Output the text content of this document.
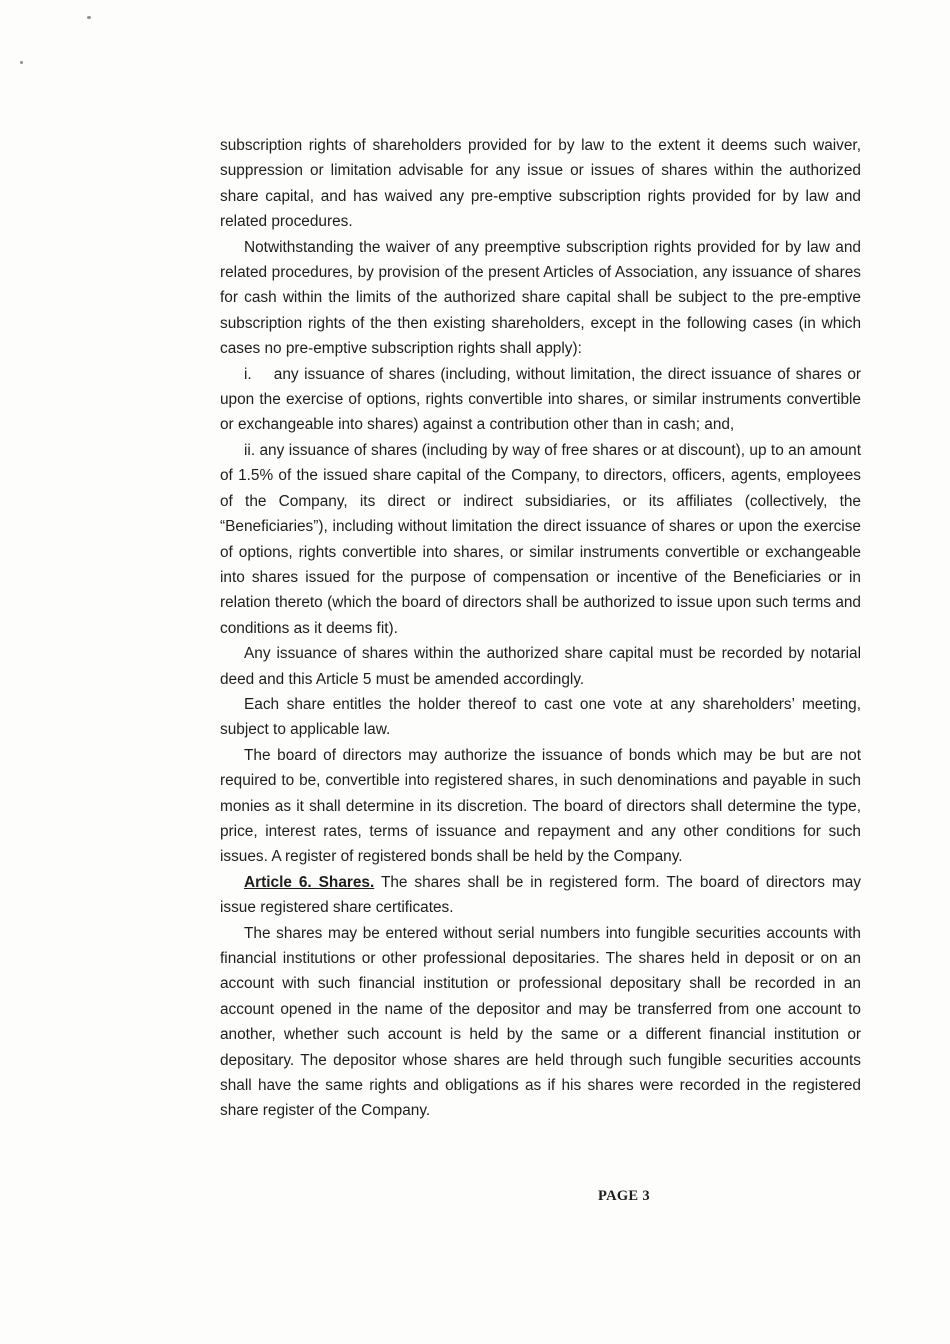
subscription rights of shareholders provided for by law to the extent it deems such waiver, suppression or limitation advisable for any issue or issues of shares within the authorized share capital, and has waived any pre-emptive subscription rights provided for by law and related procedures.

Notwithstanding the waiver of any preemptive subscription rights provided for by law and related procedures, by provision of the present Articles of Association, any issuance of shares for cash within the limits of the authorized share capital shall be subject to the pre-emptive subscription rights of the then existing shareholders, except in the following cases (in which cases no pre-emptive subscription rights shall apply):

i.    any issuance of shares (including, without limitation, the direct issuance of shares or upon the exercise of options, rights convertible into shares, or similar instruments convertible or exchangeable into shares) against a contribution other than in cash; and,

ii. any issuance of shares (including by way of free shares or at discount), up to an amount of 1.5% of the issued share capital of the Company, to directors, officers, agents, employees of the Company, its direct or indirect subsidiaries, or its affiliates (collectively, the “Beneficiaries”), including without limitation the direct issuance of shares or upon the exercise of options, rights convertible into shares, or similar instruments convertible or exchangeable into shares issued for the purpose of compensation or incentive of the Beneficiaries or in relation thereto (which the board of directors shall be authorized to issue upon such terms and conditions as it deems fit).

Any issuance of shares within the authorized share capital must be recorded by notarial deed and this Article 5 must be amended accordingly.

Each share entitles the holder thereof to cast one vote at any shareholders’ meeting, subject to applicable law.

The board of directors may authorize the issuance of bonds which may be but are not required to be, convertible into registered shares, in such denominations and payable in such monies as it shall determine in its discretion. The board of directors shall determine the type, price, interest rates, terms of issuance and repayment and any other conditions for such issues. A register of registered bonds shall be held by the Company.

Article 6. Shares. The shares shall be in registered form. The board of directors may issue registered share certificates.

The shares may be entered without serial numbers into fungible securities accounts with financial institutions or other professional depositaries. The shares held in deposit or on an account with such financial institution or professional depositary shall be recorded in an account opened in the name of the depositor and may be transferred from one account to another, whether such account is held by the same or a different financial institution or depositary. The depositor whose shares are held through such fungible securities accounts shall have the same rights and obligations as if his shares were recorded in the registered share register of the Company.

PAGE 3
